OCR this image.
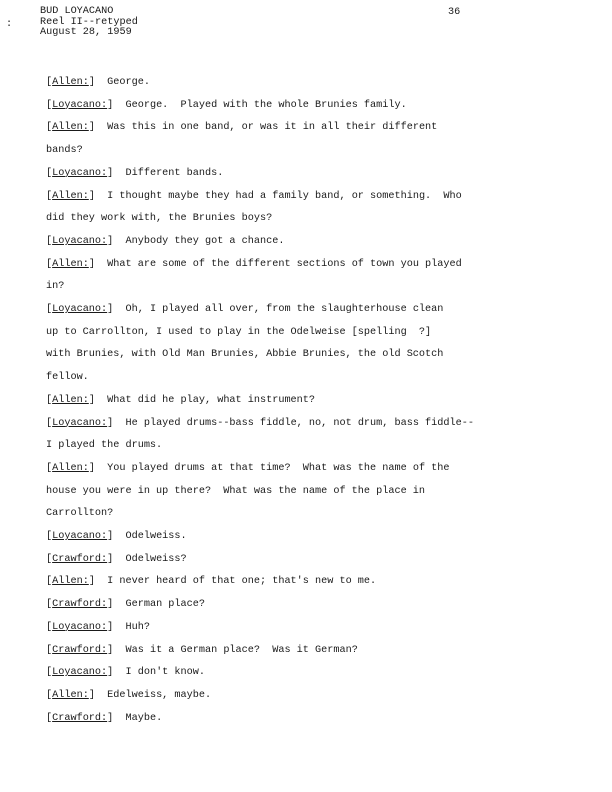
:
BUD LOYACANO
Reel II--retyped
August 28, 1959
36
[Allen:]  George.
[Loyacano:]  George.  Played with the whole Brunies family.
[Allen:]  Was this in one band, or was it in all their different
bands?
[Loyacano:]  Different bands.
[Allen:]  I thought maybe they had a family band, or something.  Who
did they work with, the Brunies boys?
[Loyacano:]  Anybody they got a chance.
[Allen:]  What are some of the different sections of town you played
in?
[Loyacano:]  Oh, I played all over, from the slaughterhouse clean
up to Carrollton, I used to play in the Odelweise [spelling  ?]
with Brunies, with Old Man Brunies, Abbie Brunies, the old Scotch
fellow.
[Allen:]  What did he play, what instrument?
[Loyacano:]  He played drums--bass fiddle, no, not drum, bass fiddle--
I played the drums.
[Allen:]  You played drums at that time?  What was the name of the
house you were in up there?  What was the name of the place in
Carrollton?
[Loyacano:]  Odelweiss.
[Crawford:]  Odelweiss?
[Allen:]  I never heard of that one; that's new to me.
[Crawford:]  German place?
[Loyacano:]  Huh?
[Crawford:]  Was it a German place?  Was it German?
[Loyacano:]  I don't know.
[Allen:]  Edelweiss, maybe.
[Crawford:]  Maybe.
